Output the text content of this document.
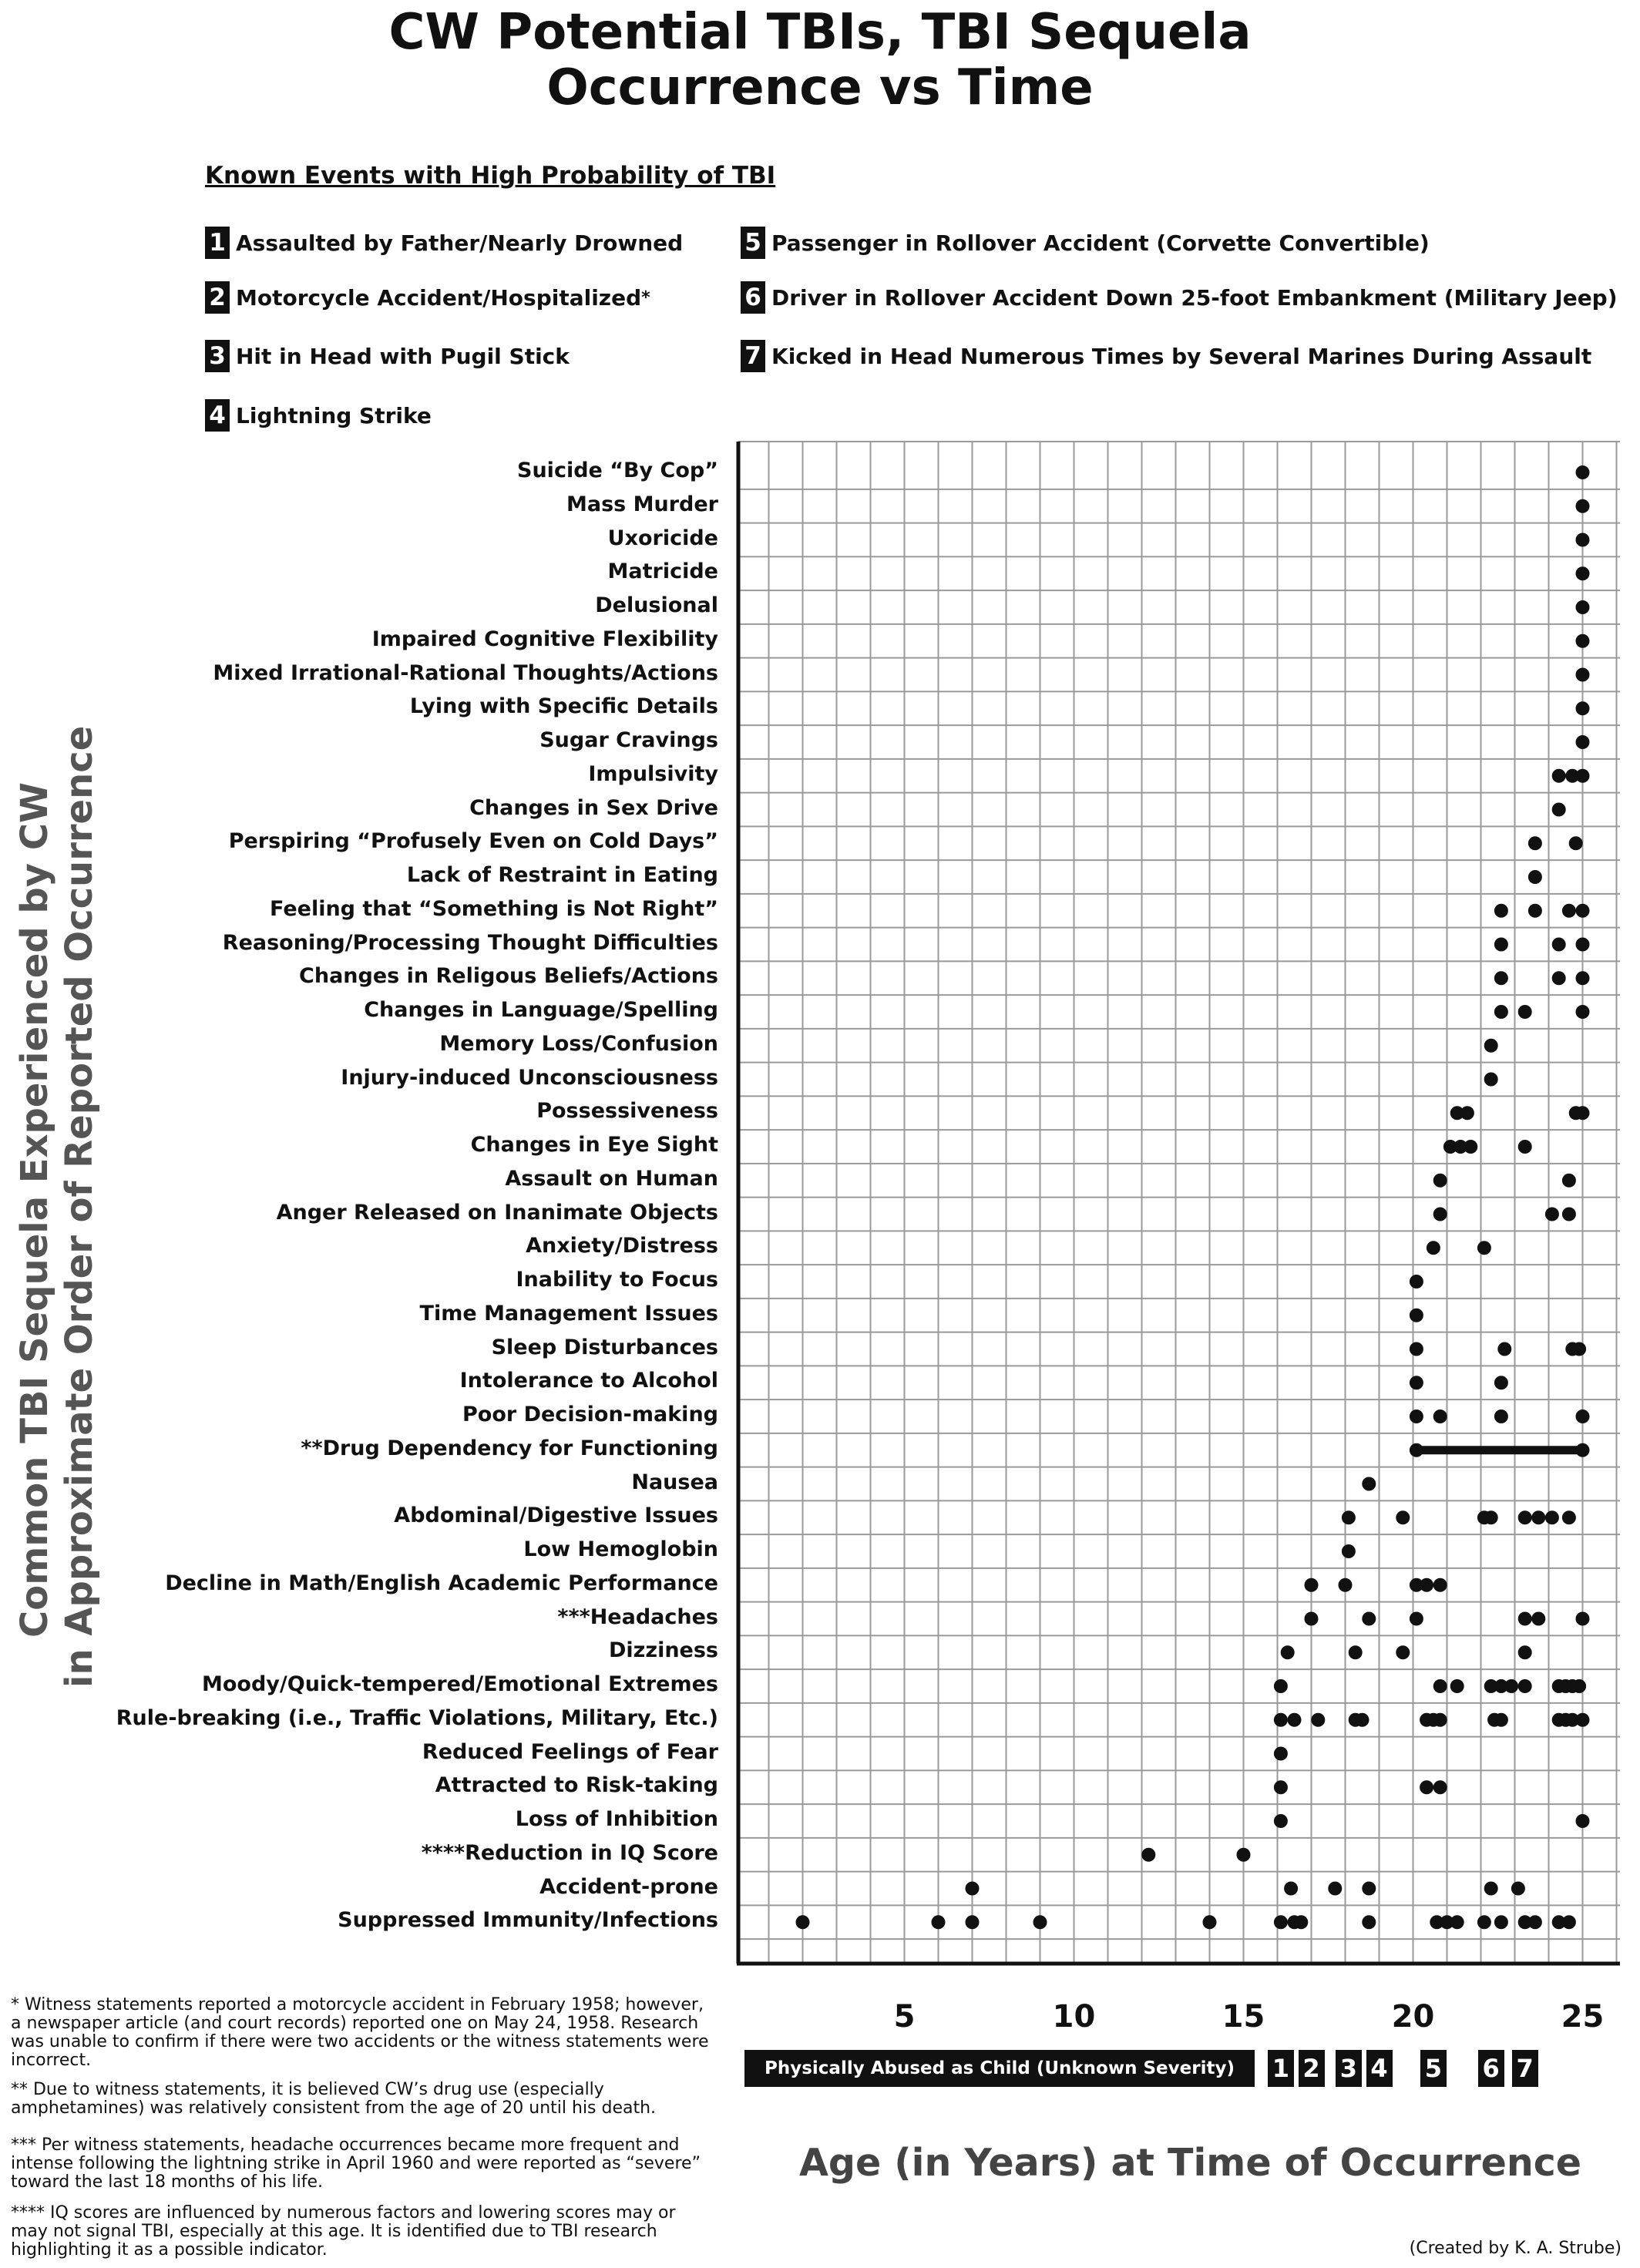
CW Potential TBIs, TBI Sequela
Occurrence vs Time
Known Events with High Probability of TBI
1 Assaulted by Father/Nearly Drowned
2 Motorcycle Accident/Hospitalized *
3 Hit in Head with Pugil Stick
4 Lightning Strike
5 Passenger in Rollover Accident (Corvette Convertible)
6 Driver in Rollover Accident Down 25-foot Embankment (Military Jeep)
7 Kicked in Head Numerous Times by Several Marines During Assault
Common TBI Sequela Experienced by CW in Approximate Order of Reported Occurrence
Suicide “By Cop”
Mass Murder
Uxoricide
Matricide
Delusional
Impaired Cognitive Flexibility
Mixed Irrational-Rational Thoughts/Actions
Lying with Specific Details
Sugar Cravings
Impulsivity
Changes in Sex Drive
Perspiring “Profusely Even on Cold Days”
Lack of Restraint in Eating
Feeling that “Something is Not Right”
Reasoning/Processing Thought Difficulties
Changes in Religous Beliefs/Actions
Changes in Language/Spelling
Memory Loss/Confusion
Injury-induced Unconsciousness
Possessiveness
Changes in Eye Sight
Assault on Human
Anger Released on Inanimate Objects
Anxiety/Distress
Inability to Focus
Time Management Issues
Sleep Disturbances
Intolerance to Alcohol
Poor Decision-making
**Drug Dependency for Functioning
Nausea
Abdominal/Digestive Issues
Low Hemoglobin
Decline in Math/English Academic Performance
***Headaches
Dizziness
Moody/Quick-tempered/Emotional Extremes
Rule-breaking (i.e., Traffic Violations, Military, Etc.)
Reduced Feelings of Fear
Attracted to Risk-taking
Loss of Inhibition
****Reduction in IQ Score
Accident-prone
Suppressed Immunity/Infections
5	10	15	20	25
Physically Abused as Child (Unknown Severity)	1 2 3 4 5 6 7
Age (in Years) at Time of Occurrence
* Witness statements reported a motorcycle accident in February 1958; however, a newspaper article (and court records) reported one on May 24, 1958. Research was unable to confirm if there were two accidents or the witness statements were incorrect.
** Due to witness statements, it is believed CW’s drug use (especially amphetamines) was relatively consistent from the age of 20 until his death.
*** Per witness statements, headache occurrences became more frequent and intense following the lightning strike in April 1960 and were reported as “severe” toward the last 18 months of his life.
**** IQ scores are influenced by numerous factors and lowering scores may or may not signal TBI, especially at this age. It is identified due to TBI research highlighting it as a possible indicator.	(Created by K. A. Strube)
